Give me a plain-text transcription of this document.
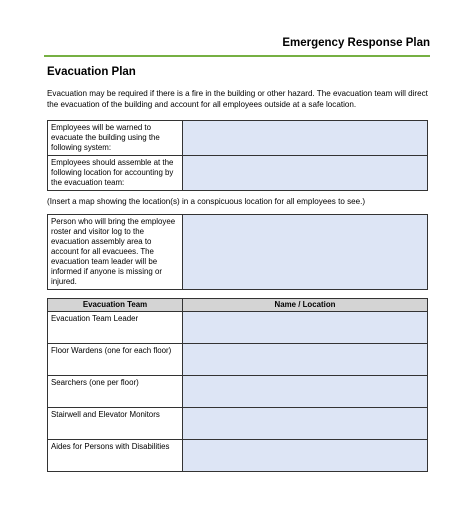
Emergency Response Plan
Evacuation Plan
Evacuation may be required if there is a fire in the building or other hazard. The evacuation team will direct the evacuation of the building and account for all employees outside at a safe location.
Employees will be warned to evacuate the building using the following system:	
Employees should assemble at the following location for accounting by the evacuation team:	
(Insert a map showing the location(s) in a conspicuous location for all employees to see.)
Person who will bring the employee roster and visitor log to the evacuation assembly area to account for all evacuees. The evacuation team leader will be informed if anyone is missing or injured.	
Evacuation Team	Name / Location
Evacuation Team Leader	
Floor Wardens (one for each floor)	
Searchers (one per floor)	
Stairwell and Elevator Monitors	
Aides for Persons with Disabilities	
